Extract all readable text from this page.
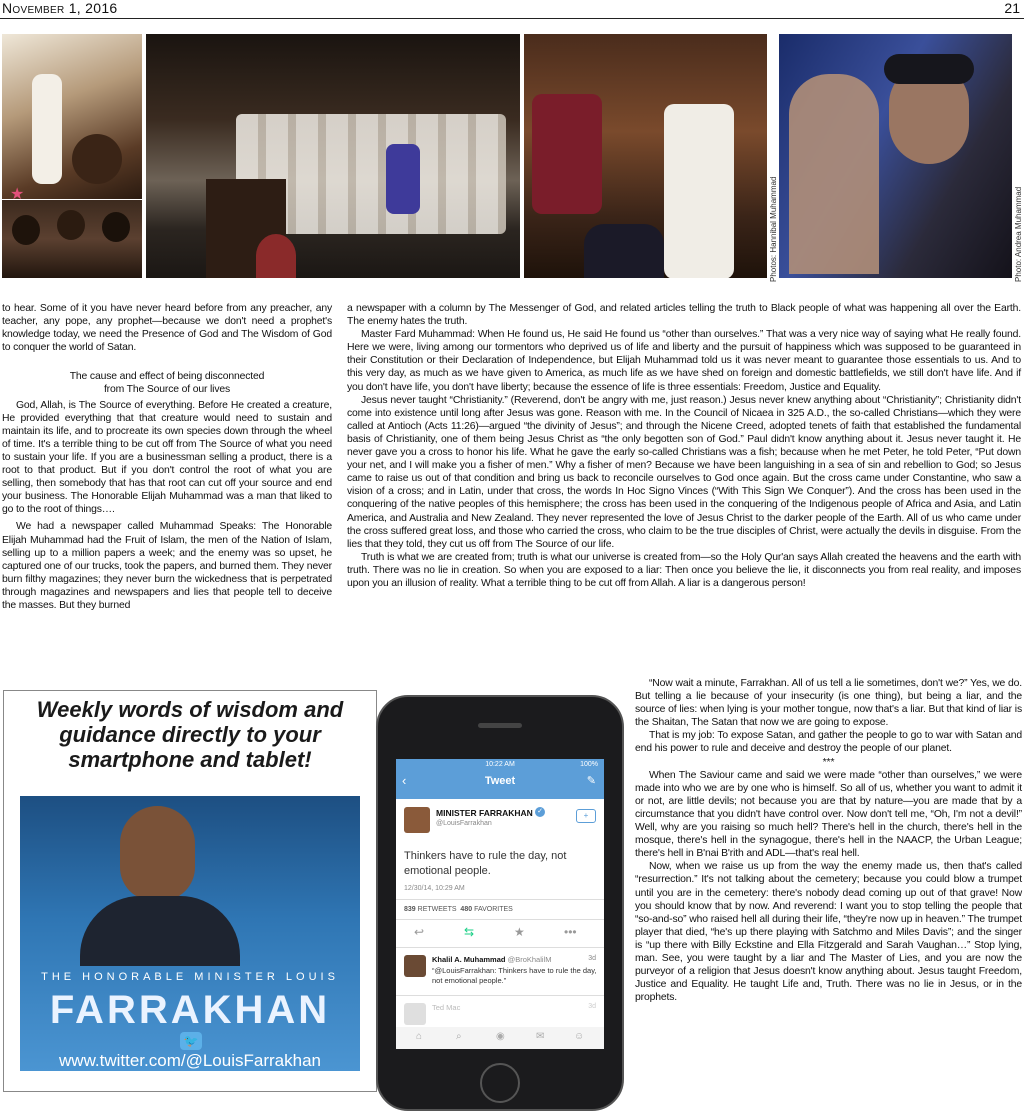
November 1, 2016	21
★	Photos: Hannibal Muhammad	Photo: Andrea Muhammad

to hear. Some of it you have never heard before from any preacher, any teacher, any pope, any prophet—because we don't need a prophet's knowledge today, we need the Presence of God and The Wisdom of God to conquer the world of Satan.

The cause and effect of being disconnected

from The Source of our lives

God, Allah, is The Source of everything. Before He created a creature, He provided everything that that creature would need to sustain and maintain its life, and to procreate its own species down through the wheel of time. It's a terrible thing to be cut off from The Source of what you need to sustain your life. If you are a businessman selling a product, there is a root to that product. But if you don't control the root of what you are selling, then somebody that has that root can cut off your source and end your business. The Honorable Elijah Muhammad was a man that liked to go to the root of things….

We had a newspaper called Muhammad Speaks: The Honorable Elijah Muhammad had the Fruit of Islam, the men of the Nation of Islam, selling up to a million papers a week; and the enemy was so upset, he captured one of our trucks, took the papers, and burned them. They never burn filthy magazines; they never burn the wickedness that is perpetrated through magazines and newspapers and lies that people tell to deceive the masses. But they burned

a newspaper with a column by The Messenger of God, and related articles telling the truth to Black people of what was happening all over the Earth. The enemy hates the truth.

Master Fard Muhammad: When He found us, He said He found us “other than ourselves.” That was a very nice way of saying what He really found. Here we were, living among our tormentors who deprived us of life and liberty and the pursuit of happiness which was supposed to be guaranteed in their Constitution or their Declaration of Independence, but Elijah Muhammad told us it was never meant to guarantee those essentials to us. And to this very day, as much as we have given to America, as much life as we have shed on foreign and domestic battlefields, we still don't have life. And if you don't have life, you don't have liberty; because the essence of life is three essentials: Freedom, Justice and Equality.

Jesus never taught “Christianity.” (Reverend, don't be angry with me, just reason.) Jesus never knew anything about “Christianity”; Christianity didn't come into existence until long after Jesus was gone. Reason with me. In the Council of Nicaea in 325 A.D., the so-called Christians—which they were called at Antioch (Acts 11:26)—argued “the divinity of Jesus”; and through the Nicene Creed, adopted tenets of faith that established the fundamental basis of Christianity, one of them being Jesus Christ as “the only begotten son of God.” Paul didn't know anything about it. Jesus never taught it. He never gave you a cross to honor his life. What he gave the early so-called Christians was a fish; because when he met Peter, he told Peter, “Put down your net, and I will make you a fisher of men.” Why a fisher of men? Because we have been languishing in a sea of sin and rebellion to God; so Jesus came to raise us out of that condition and bring us back to reconcile ourselves to God once again. But the cross came under Constantine, who saw a vision of a cross; and in Latin, under that cross, the words In Hoc Signo Vinces (“With This Sign We Conquer”). And the cross has been used in the conquering of the native peoples of this hemisphere; the cross has been used in the conquering of the Indigenous people of Africa and Asia, and Latin America, and Australia and New Zealand. They never represented the love of Jesus Christ to the darker people of the Earth. All of us who came under the cross suffered great loss, and those who carried the cross, who claim to be the true disciples of Christ, were actually the devils in disguise. From the lies that they told, they cut us off from The Source of our life.

Truth is what we are created from; truth is what our universe is created from—so the Holy Qur'an says Allah created the heavens and the earth with truth. There was no lie in creation. So when you are exposed to a liar: Then once you believe the lie, it disconnects you from real reality, and imposes upon you an illusion of reality. What a terrible thing to be cut off from Allah. A liar is a dangerous person!

“Now wait a minute, Farrakhan. All of us tell a lie sometimes, don't we?” Yes, we do. But telling a lie because of your insecurity (is one thing), but being a liar, and the source of lies: when lying is your mother tongue, now that's a liar. But that kind of liar is the Shaitan, The Satan that now we are going to expose.

That is my job: To expose Satan, and gather the people to go to war with Satan and end his power to rule and deceive and destroy the people of our planet.

***

When The Saviour came and said we were made “other than ourselves,” we were made into who we are by one who is himself. So all of us, whether you want to admit it or not, are little devils; not because you are that by nature—you are made that by a circumstance that you didn't have control over. Now don't tell me, “Oh, I'm not a devil!” Well, why are you raising so much hell? There's hell in the church, there's hell in the mosque, there's hell in the synagogue, there's hell in the NAACP, the Urban League; there's hell in B'nai B'rith and ADL—that's real hell.

Now, when we raise us up from the way the enemy made us, then that's called “resurrection.” It's not talking about the cemetery; because you could blow a trumpet until you are in the cemetery: there's nobody dead coming up out of that grave! Now you should know that by now. And reverend: I want you to stop telling the people that “so-and-so” who raised hell all during their life, “they're now up in heaven.” The trumpet player that died, “he's up there playing with Satchmo and Miles Davis”; and the singer is “up there with Billy Eckstine and Ella Fitzgerald and Sarah Vaughan…” Stop lying, man. See, you were taught by a liar and The Master of Lies, and you are now the purveyor of a religion that Jesus doesn't know anything about. Jesus taught Freedom, Justice and Equality. He taught Life and, Truth. There was no lie in Jesus, or in the prophets.

Weekly words of wisdom and guidance directly to your smartphone and tablet!
THE HONORABLE MINISTER LOUIS
FARRAKHAN
🐦
www.twitter.com/@LouisFarrakhan
10:22 AM	100%
‹	Tweet	✎
MINISTER FARRAKHAN ✓
@LouisFarrakhan
+
Thinkers have to rule the day, not emotional people.
12/30/14, 10:29 AM
839 RETWEETS 480 FAVORITES
↩	⇆	★	•••
Khalil A. Muhammad @BroKhalilM	3d
“@LouisFarrakhan: Thinkers have to rule the day, not emotional people.”
Ted Mac	3d
⌂	⌕	◉	✉	☺
